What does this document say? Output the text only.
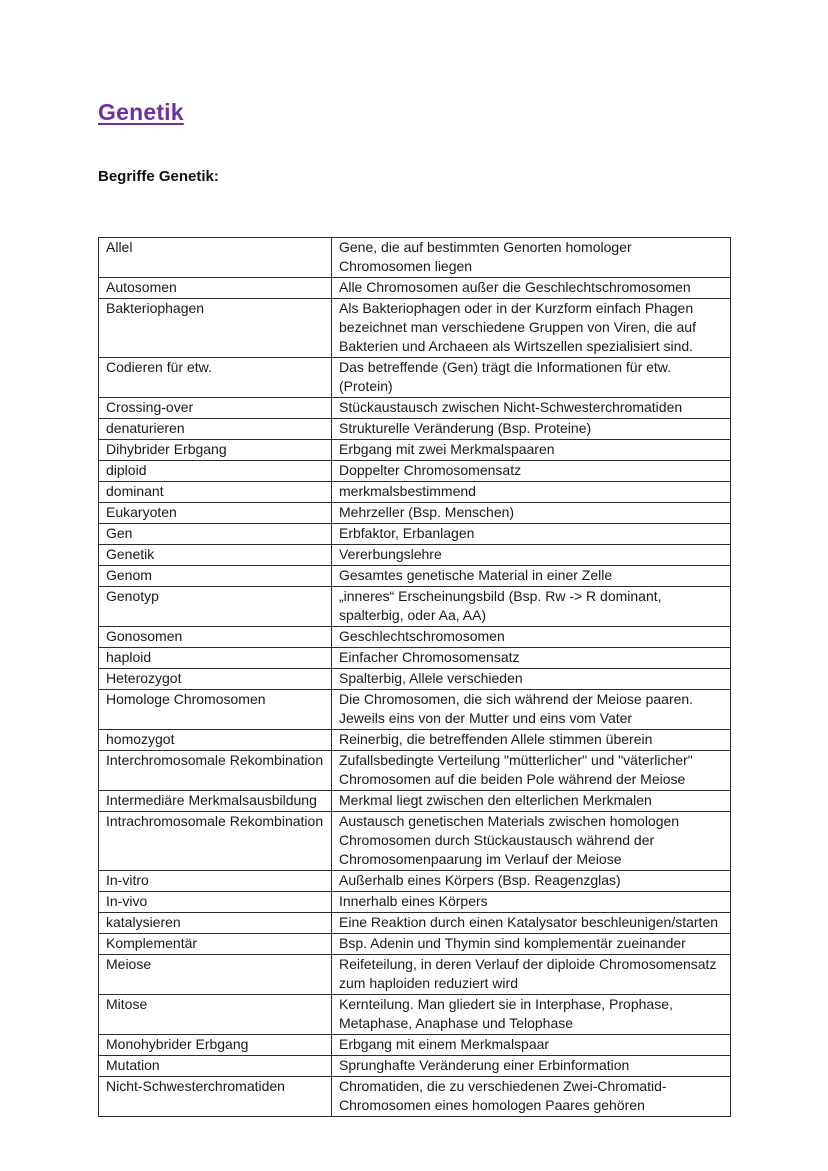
Genetik
Begriffe Genetik:
Allel	Gene, die auf bestimmten Genorten homologer Chromosomen liegen
Autosomen	Alle Chromosomen außer die Geschlechtschromosomen
Bakteriophagen	Als Bakteriophagen oder in der Kurzform einfach Phagen bezeichnet man verschiedene Gruppen von Viren, die auf Bakterien und Archaeen als Wirtszellen spezialisiert sind.
Codieren für etw.	Das betreffende (Gen) trägt die Informationen für etw. (Protein)
Crossing-over	Stückaustausch zwischen Nicht-Schwesterchromatiden
denaturieren	Strukturelle Veränderung (Bsp. Proteine)
Dihybrider Erbgang	Erbgang mit zwei Merkmalspaaren
diploid	Doppelter Chromosomensatz
dominant	merkmalsbestimmend
Eukaryoten	Mehrzeller (Bsp. Menschen)
Gen	Erbfaktor, Erbanlagen
Genetik	Vererbungslehre
Genom	Gesamtes genetische Material in einer Zelle
Genotyp	„inneres“ Erscheinungsbild (Bsp. Rw -> R dominant, spalterbig, oder Aa, AA)
Gonosomen	Geschlechtschromosomen
haploid	Einfacher Chromosomensatz
Heterozygot	Spalterbig, Allele verschieden
Homologe Chromosomen	Die Chromosomen, die sich während der Meiose paaren. Jeweils eins von der Mutter und eins vom Vater
homozygot	Reinerbig, die betreffenden Allele stimmen überein
Interchromosomale Rekombination	Zufallsbedingte Verteilung "mütterlicher" und "väterlicher" Chromosomen auf die beiden Pole während der Meiose
Intermediäre Merkmalsausbildung	Merkmal liegt zwischen den elterlichen Merkmalen
Intrachromosomale Rekombination	Austausch genetischen Materials zwischen homologen Chromosomen durch Stückaustausch während der Chromosomenpaarung im Verlauf der Meiose
In-vitro	Außerhalb eines Körpers (Bsp. Reagenzglas)
In-vivo	Innerhalb eines Körpers
katalysieren	Eine Reaktion durch einen Katalysator beschleunigen/starten
Komplementär	Bsp. Adenin und Thymin sind komplementär zueinander
Meiose	Reifeteilung, in deren Verlauf der diploide Chromosomensatz zum haploiden reduziert wird
Mitose	Kernteilung. Man gliedert sie in Interphase, Prophase, Metaphase, Anaphase und Telophase
Monohybrider Erbgang	Erbgang mit einem Merkmalspaar
Mutation	Sprunghafte Veränderung einer Erbinformation
Nicht-Schwesterchromatiden	Chromatiden, die zu verschiedenen Zwei-Chromatid-Chromosomen eines homologen Paares gehören
